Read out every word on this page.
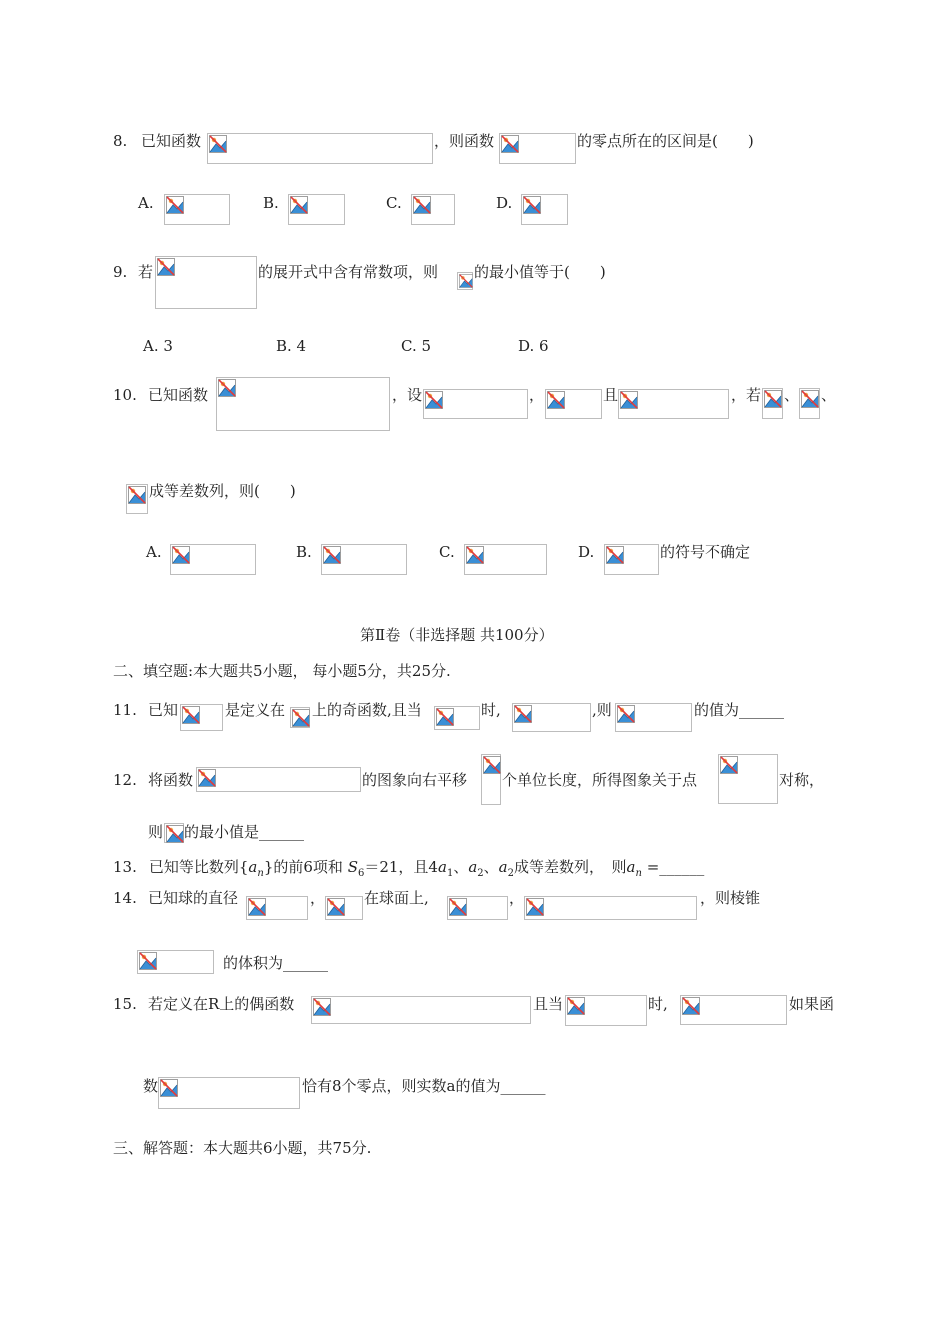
8. 已知函数	，则函数	的零点所在的区间是(　　)
A.	B.	C.	D.
9. 若	的展开式中含有常数项，则 的最小值等于(　　)
A. 3	B. 4	C. 5	D. 6
10. 已知函数	，设	，	且	，若 、 、
成等差数列，则(　　)
A.	B.	C.	D.	的符号不确定
第Ⅱ卷（非选择题 共100分）
二、填空题:本大题共5小题， 每小题5分，共25分.
11. 已知	是定义在 上的奇函数,且当	时,	,则	的值为______
12. 将函数	的图象向右平移 个单位长度，所得图象关于点	对称，
则 的最小值是______
13. 已知等比数列$\{a_n\}$的前6项和 $S_6=21$，且$4a_1$、$a_2$、$a_2$成等差数列，　则$a_n$ =______
14. 已知球的直径	，	在球面上,	，	，则棱锥
的体积为______
15. 若定义在R上的偶函数	且当	时,	如果函
数	恰有8个零点，则实数a的值为______
三、解答题：本大题共6小题，共75分.
